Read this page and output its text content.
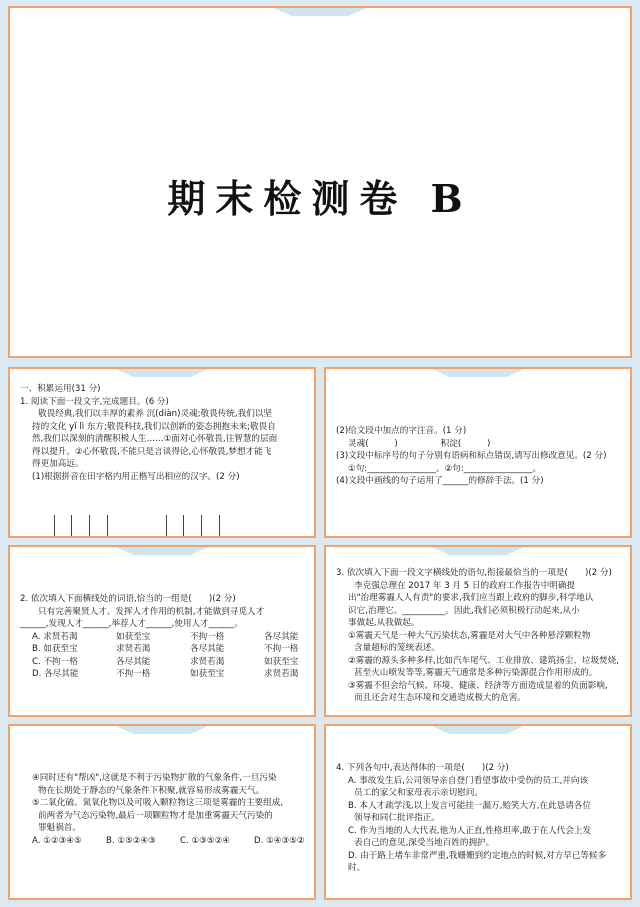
期末检测卷 B

一、积累运用(31 分)

1. 阅读下面一段文字,完成题目。(6 分)

敬畏经典,我们以丰厚的素养 沉(diàn)灵魂;敬畏传统,我们以坚

持的文化 yǐ lì 东方;敬畏科技,我们以创新的姿态拥抱未来;敬畏自

然,我们以深刻的清醒积极人生……①面对心怀敬畏,往智慧的层面

得以提升。②心怀敬畏,不能只是言谈得论,心怀敬畏,梦想才能飞

得更加高远。

(1)根据拼音在田字格内用正楷写出相应的汉字。(2 分)

(2)给文段中加点的字注音。(1 分)

灵魂(　　　)　　　　　积淀(　　　)

(3)文段中标序号的句子分别有语病和标点错误,请写出修改意见。(2 分)

①句:________________。②句:________________。

(4)文段中画线的句子运用了______的修辞手法。(1 分)

2. 依次填入下面横线处的词语,恰当的一组是(　　)(2 分)

只有完善聚贤人才、发挥人才作用的机制,才能做到寻觅人才

______,发现人才______,举荐人才______,使用人才______。

A. 求贤若渴	如获至宝	不拘一格	各尽其能
B. 如获至宝	求贤若渴	各尽其能	不拘一格
C. 不拘一格	各尽其能	求贤若渴	如获至宝
D. 各尽其能	不拘一格	如获至宝	求贤若渴

3. 依次填入下面一段文字横线处的语句,衔接最恰当的一项是(　　)(2 分)

李克强总理在 2017 年 3 月 5 日的政府工作报告中明确提

出"治理雾霾人人有责"的要求,我们应当跟上政府的脚步,科学地认

识它,治理它。__________。因此,我们必须积极行动起来,从小

事做起,从我做起。

①雾霾天气是一种大气污染状态,雾霾是对大气中各种悬浮颗粒物

含量超标的笼统表述。

②雾霾的源头多种多样,比如汽车尾气、工业排放、建筑扬尘、垃圾焚烧,

甚至火山喷发等等,雾霾天气通常是多种污染源混合作用形成的。

③雾霾不但会给气候、环境、健康、经济等方面造成显着的负面影响,

而且还会对生态环境和交通造成极大的危害。

④同时还有"帮凶",这就是不利于污染物扩散的气象条件,一旦污染

物在长期处于静态的气象条件下积聚,就容易形成雾霾天气。

⑤二氧化硫、氮氧化物以及可吸入颗粒物这三项是雾霾的主要组成,

前两者为气态污染物,最后一项颗粒物才是加重雾霾天气污染的

罪魁祸首。

A. ①②③④⑤	B. ①⑤②④③	C. ①③⑤②④	D. ①④③⑤②

4. 下列各句中,表达得体的一项是(　　)(2 分)

A. 事故发生后,公司领导亲自登门看望事故中受伤的员工,并向该

员工的家父和家母表示亲切慰问。

B. 本人才疏学浅,以上发言可能挂一漏万,贻笑大方,在此恳请各位

领导和同仁批评指正。

C. 作为当地的人大代表,他为人正直,性格坦率,敢于在人代会上发

表自己的意见,深受当地百姓的拥护。

D. 由于路上堵车非常严重,我姗姗到约定地点的时候,对方早已等候多时。
